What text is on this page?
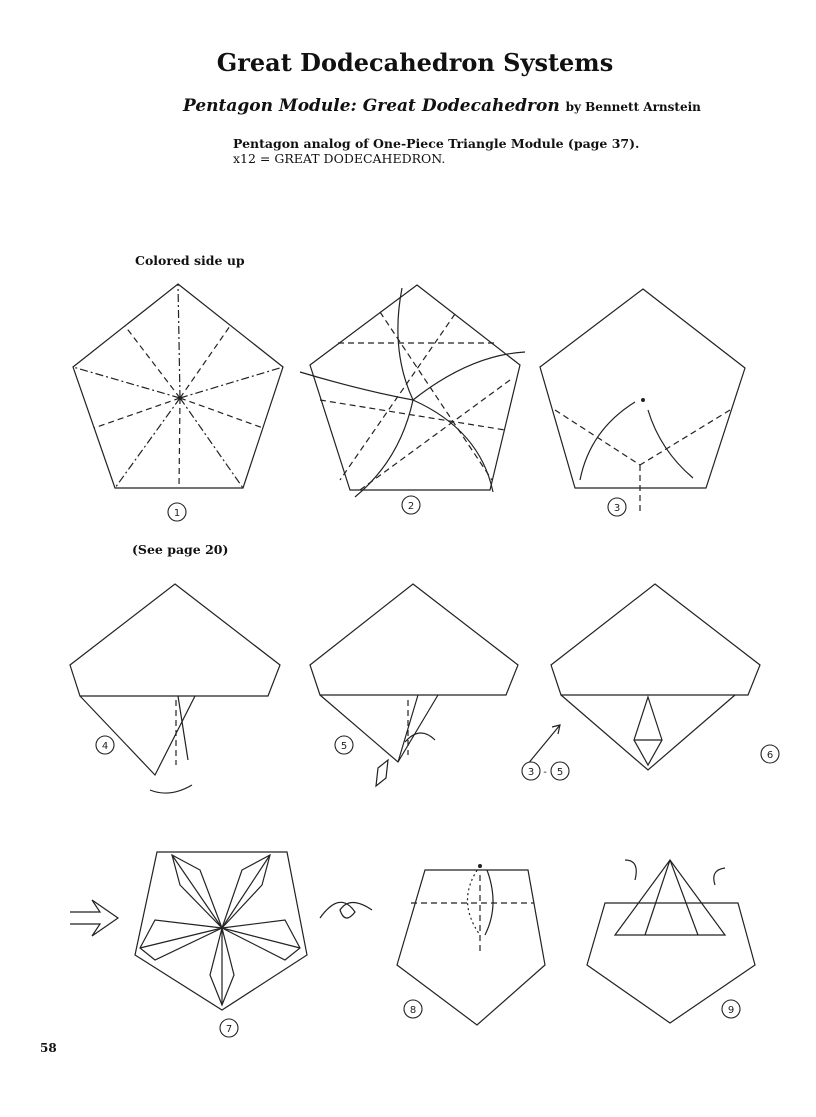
Great Dodecahedron Systems
Pentagon Module: Great Dodecahedron by Bennett Arnstein
Pentagon analog of One-Piece Triangle Module (page 37).
x12 = GREAT DODECAHEDRON.
Colored side up
(See page 20)
58
1
2	3
4	5
6
7
8	9
3 - 5
